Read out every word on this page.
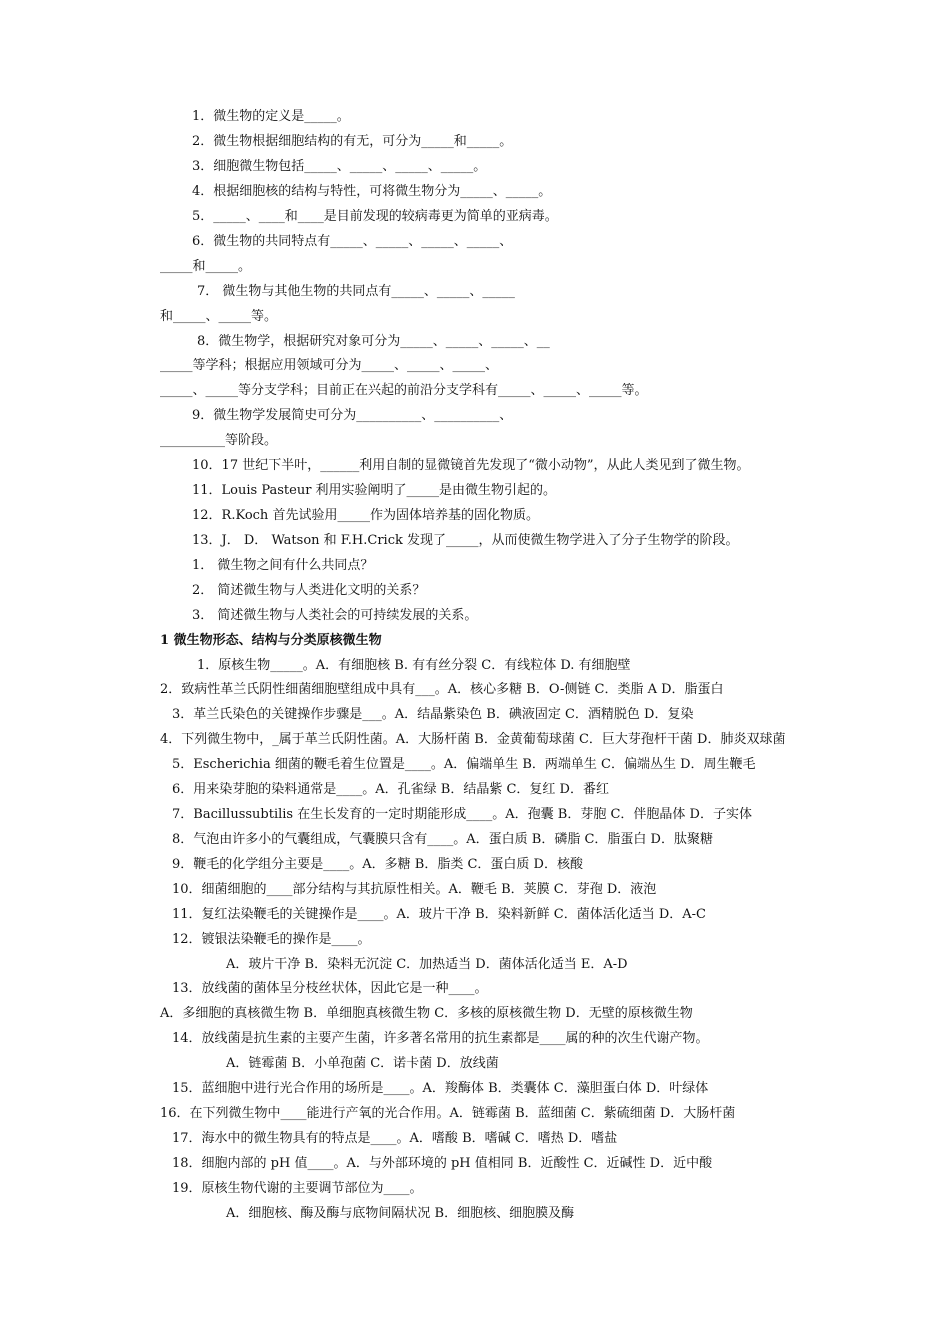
1．微生物的定义是_____。
2．微生物根据细胞结构的有无，可分为_____和_____。
3．细胞微生物包括_____、_____、_____、_____。
4．根据细胞核的结构与特性，可将微生物分为_____、_____。
5．_____、____和____是目前发现的较病毒更为简单的亚病毒。
6．微生物的共同特点有_____、_____、_____、_____、
_____和_____。
7． 微生物与其他生物的共同点有_____、_____、_____
和_____、_____等。
8．微生物学，根据研究对象可分为_____、_____、_____、__
_____等学科；根据应用领域可分为_____、_____、_____、
_____、_____等分支学科；目前正在兴起的前沿分支学科有_____、_____、_____等。
9．微生物学发展简史可分为__________、__________、
__________等阶段。
10．17 世纪下半叶，______利用自制的显微镜首先发现了“微小动物”，从此人类见到了微生物。
11．Louis Pasteur 利用实验阐明了_____是由微生物引起的。
12．R.Koch 首先试验用_____作为固体培养基的固化物质。
13．J． D． Watson 和 F.H.Crick 发现了_____，从而使微生物学进入了分子生物学的阶段。
1． 微生物之间有什么共同点？
2． 简述微生物与人类进化文明的关系？
3． 简述微生物与人类社会的可持续发展的关系。
1 微生物形态、结构与分类原核微生物
1．原核生物_____。A．有细胞核 B. 有有丝分裂 C．有线粒体 D. 有细胞壁
2．致病性革兰氏阴性细菌细胞壁组成中具有___。A．核心多糖 B．O-侧链 C．类脂 A D．脂蛋白
3．革兰氏染色的关键操作步骤是___。A．结晶紫染色 B．碘液固定 C．酒精脱色 D．复染
4．下列微生物中，_属于革兰氏阴性菌。A．大肠杆菌 B．金黄葡萄球菌 C．巨大芽孢杆干菌 D．肺炎双球菌
5．Escherichia 细菌的鞭毛着生位置是____。A．偏端单生 B．两端单生 C．偏端丛生 D．周生鞭毛
6．用来染芽胞的染料通常是____。A．孔雀绿 B．结晶紫 C．复红 D．番红
7．Bacillussubtilis 在生长发育的一定时期能形成____。A．孢囊 B．芽胞 C．伴胞晶体 D．子实体
8．气泡由许多小的气囊组成，气囊膜只含有____。A．蛋白质 B．磷脂 C．脂蛋白 D．肽聚糖
9．鞭毛的化学组分主要是____。A．多糖 B．脂类 C．蛋白质 D．核酸
10．细菌细胞的____部分结构与其抗原性相关。A．鞭毛 B．荚膜 C．芽孢 D．液泡
11．复红法染鞭毛的关键操作是____。A．玻片干净 B．染料新鲜 C．菌体活化适当 D．A-C
12．镀银法染鞭毛的操作是____。
A．玻片干净 B．染料无沉淀 C．加热适当 D．菌体活化适当 E．A-D
13．放线菌的菌体呈分枝丝状体，因此它是一种____。
A．多细胞的真核微生物 B．单细胞真核微生物 C．多核的原核微生物 D．无壁的原核微生物
14．放线菌是抗生素的主要产生菌，许多著名常用的抗生素都是____属的种的次生代谢产物。
A．链霉菌 B．小单孢菌 C．诺卡菌 D．放线菌
15．蓝细胞中进行光合作用的场所是____。A．羧酶体 B．类囊体 C．藻胆蛋白体 D．叶绿体
16．在下列微生物中____能进行产氧的光合作用。A．链霉菌 B．蓝细菌 C．紫硫细菌 D．大肠杆菌
17．海水中的微生物具有的特点是____。A．嗜酸 B．嗜碱 C．嗜热 D．嗜盐
18．细胞内部的 pH 值____。A．与外部环境的 pH 值相同 B．近酸性 C．近碱性 D．近中酸
19．原核生物代谢的主要调节部位为____。
A．细胞核、酶及酶与底物间隔状况 B．细胞核、细胞膜及酶
